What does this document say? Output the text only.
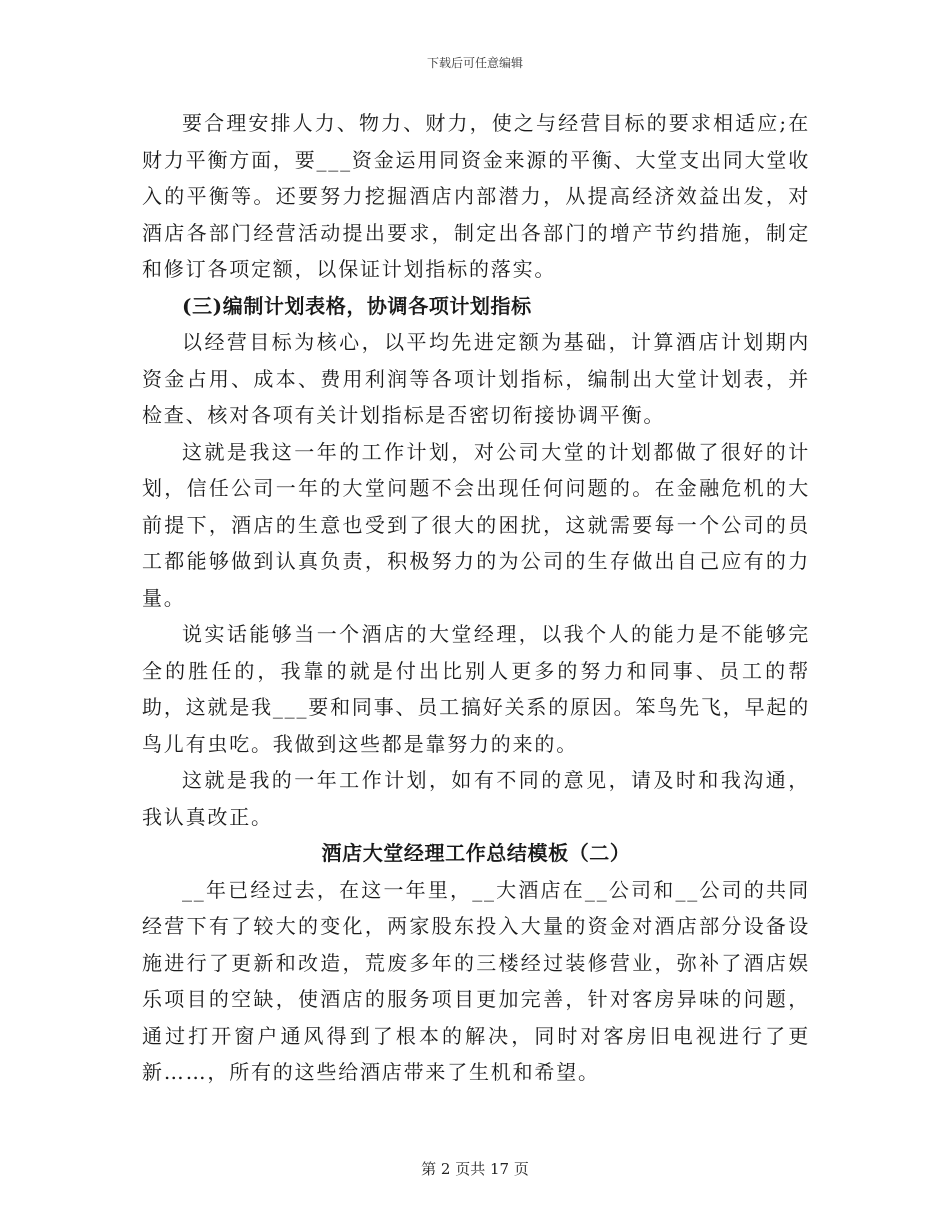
下载后可任意编辑

要合理安排人力、物力、财力，使之与经营目标的要求相适应;在财力平衡方面，要___资金运用同资金来源的平衡、大堂支出同大堂收入的平衡等。还要努力挖掘酒店内部潜力，从提高经济效益出发，对酒店各部门经营活动提出要求，制定出各部门的增产节约措施，制定和修订各项定额，以保证计划指标的落实。

(三)编制计划表格，协调各项计划指标

以经营目标为核心，以平均先进定额为基础，计算酒店计划期内资金占用、成本、费用利润等各项计划指标，编制出大堂计划表，并检查、核对各项有关计划指标是否密切衔接协调平衡。

这就是我这一年的工作计划，对公司大堂的计划都做了很好的计划，信任公司一年的大堂问题不会出现任何问题的。在金融危机的大前提下，酒店的生意也受到了很大的困扰，这就需要每一个公司的员工都能够做到认真负责，积极努力的为公司的生存做出自己应有的力量。

说实话能够当一个酒店的大堂经理，以我个人的能力是不能够完全的胜任的，我靠的就是付出比别人更多的努力和同事、员工的帮助，这就是我___要和同事、员工搞好关系的原因。笨鸟先飞，早起的鸟儿有虫吃。我做到这些都是靠努力的来的。

这就是我的一年工作计划，如有不同的意见，请及时和我沟通，我认真改正。

酒店大堂经理工作总结模板（二）

__年已经过去，在这一年里，__大酒店在__公司和__公司的共同经营下有了较大的变化，两家股东投入大量的资金对酒店部分设备设施进行了更新和改造，荒废多年的三楼经过装修营业，弥补了酒店娱乐项目的空缺，使酒店的服务项目更加完善，针对客房异味的问题，通过打开窗户通风得到了根本的解决，同时对客房旧电视进行了更新……，所有的这些给酒店带来了生机和希望。

第 2 页共 17 页
